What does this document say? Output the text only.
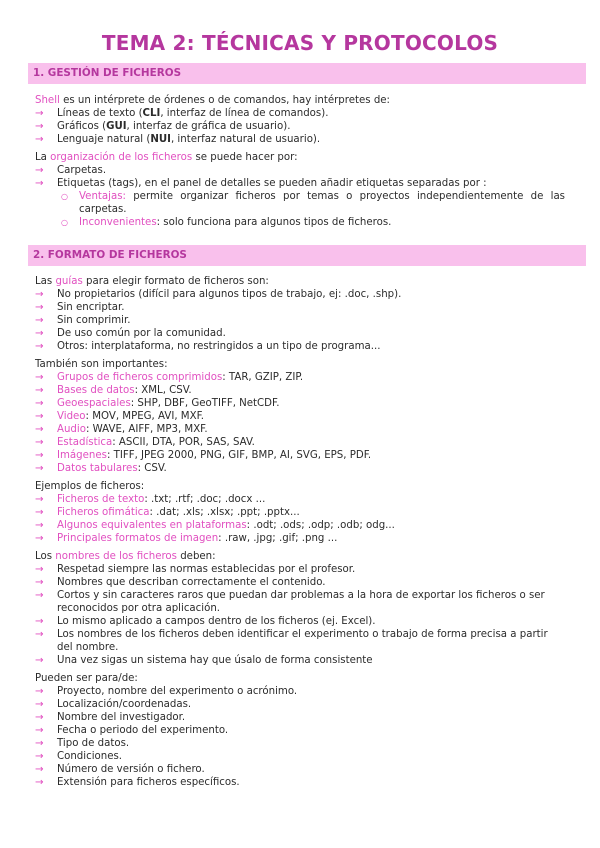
TEMA 2: TÉCNICAS Y PROTOCOLOS
1. GESTIÓN DE FICHEROS

Shell es un intérprete de órdenes o de comandos, hay intérpretes de:

→ Líneas de texto (CLI, interfaz de línea de comandos).
→ Gráficos (GUI, interfaz de gráfica de usuario).
→ Lenguaje natural (NUI, interfaz natural de usuario).

La organización de los ficheros se puede hacer por:

→ Carpetas.
→ Etiquetas (tags), en el panel de detalles se pueden añadir etiquetas separadas por :
○ Ventajas: permite organizar ficheros por temas o proyectos independientemente de las carpetas.
○ Inconvenientes: solo funciona para algunos tipos de ficheros.
2. FORMATO DE FICHEROS

Las guías para elegir formato de ficheros son:

→ No propietarios (difícil para algunos tipos de trabajo, ej: .doc, .shp).
→ Sin encriptar.
→ Sin comprimir.
→ De uso común por la comunidad.
→ Otros: interplataforma, no restringidos a un tipo de programa...

También son importantes:

→ Grupos de ficheros comprimidos: TAR, GZIP, ZIP.
→ Bases de datos: XML, CSV.
→ Geoespaciales: SHP, DBF, GeoTIFF, NetCDF.
→ Video: MOV, MPEG, AVI, MXF.
→ Audio: WAVE, AIFF, MP3, MXF.
→ Estadística: ASCII, DTA, POR, SAS, SAV.
→ Imágenes: TIFF, JPEG 2000, PNG, GIF, BMP, AI, SVG, EPS, PDF.
→ Datos tabulares: CSV.

Ejemplos de ficheros:

→ Ficheros de texto: .txt; .rtf; .doc; .docx ...
→ Ficheros ofimática: .dat; .xls; .xlsx; .ppt; .pptx...
→ Algunos equivalentes en plataformas: .odt; .ods; .odp; .odb; odg...
→ Principales formatos de imagen: .raw, .jpg; .gif; .png ...

Los nombres de los ficheros deben:

→ Respetad siempre las normas establecidas por el profesor.
→ Nombres que describan correctamente el contenido.
→ Cortos y sin caracteres raros que puedan dar problemas a la hora de exportar los ficheros o ser reconocidos por otra aplicación.
→ Lo mismo aplicado a campos dentro de los ficheros (ej. Excel).
→ Los nombres de los ficheros deben identificar el experimento o trabajo de forma precisa a partir del nombre.
→ Una vez sigas un sistema hay que úsalo de forma consistente

Pueden ser para/de:

→ Proyecto, nombre del experimento o acrónimo.
→ Localización/coordenadas.
→ Nombre del investigador.
→ Fecha o periodo del experimento.
→ Tipo de datos.
→ Condiciones.
→ Número de versión o fichero.
→ Extensión para ficheros específicos.
